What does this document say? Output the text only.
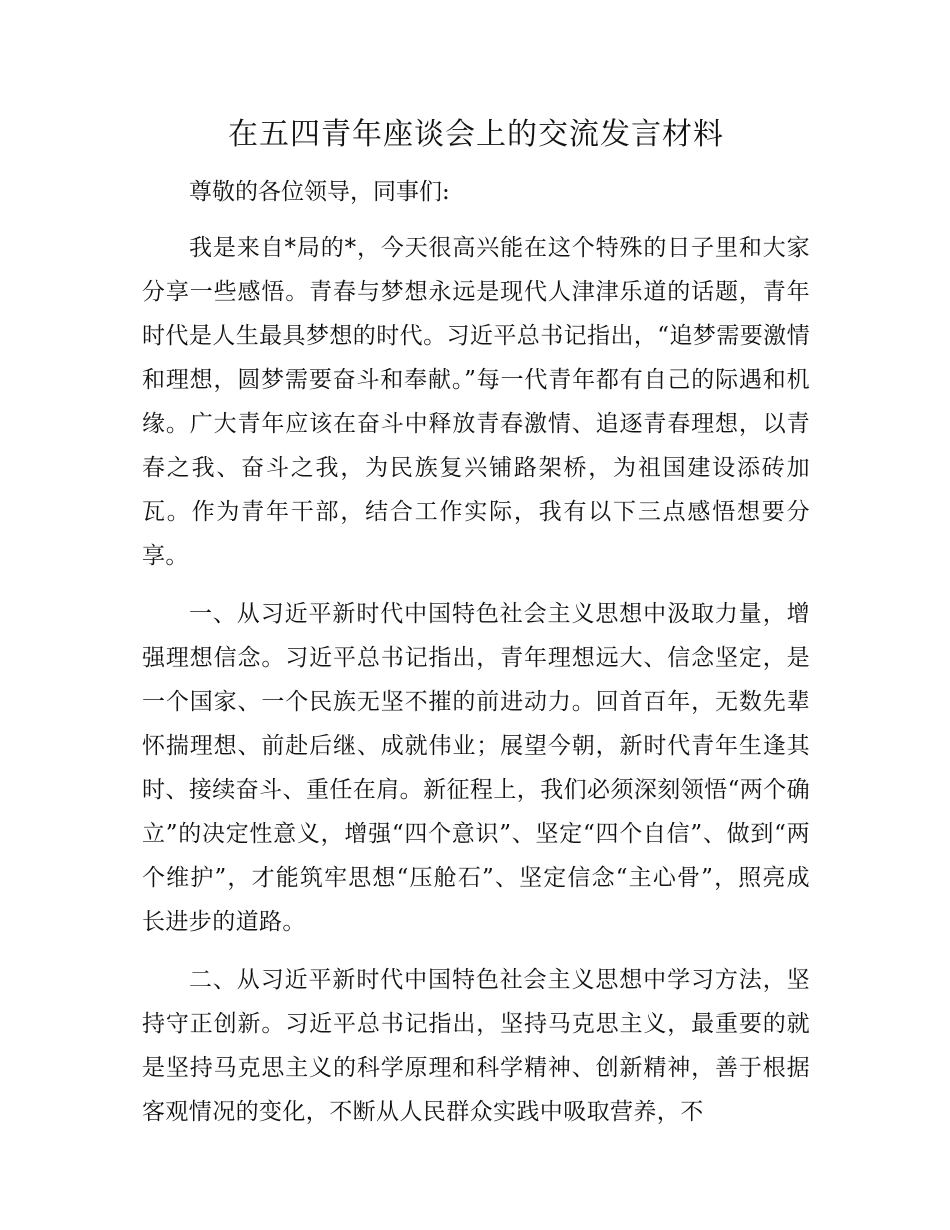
在五四青年座谈会上的交流发言材料

尊敬的各位领导，同事们:

我是来自*局的*，今天很高兴能在这个特殊的日子里和大家分享一些感悟。青春与梦想永远是现代人津津乐道的话题，青年时代是人生最具梦想的时代。习近平总书记指出，“追梦需要激情和理想，圆梦需要奋斗和奉献。”每一代青年都有自己的际遇和机缘。广大青年应该在奋斗中释放青春激情、追逐青春理想，以青春之我、奋斗之我，为民族复兴铺路架桥，为祖国建设添砖加瓦。作为青年干部，结合工作实际，我有以下三点感悟想要分享。

一、从习近平新时代中国特色社会主义思想中汲取力量，增强理想信念。习近平总书记指出，青年理想远大、信念坚定，是一个国家、一个民族无坚不摧的前进动力。回首百年，无数先辈怀揣理想、前赴后继、成就伟业；展望今朝，新时代青年生逢其时、接续奋斗、重任在肩。新征程上，我们必须深刻领悟“两个确立”的决定性意义，增强“四个意识”、坚定“四个自信”、做到“两个维护”，才能筑牢思想“压舱石”、坚定信念“主心骨”，照亮成长进步的道路。

二、从习近平新时代中国特色社会主义思想中学习方法，坚持守正创新。习近平总书记指出，坚持马克思主义，最重要的就是坚持马克思主义的科学原理和科学精神、创新精神，善于根据客观情况的变化，不断从人民群众实践中吸取营养，不
